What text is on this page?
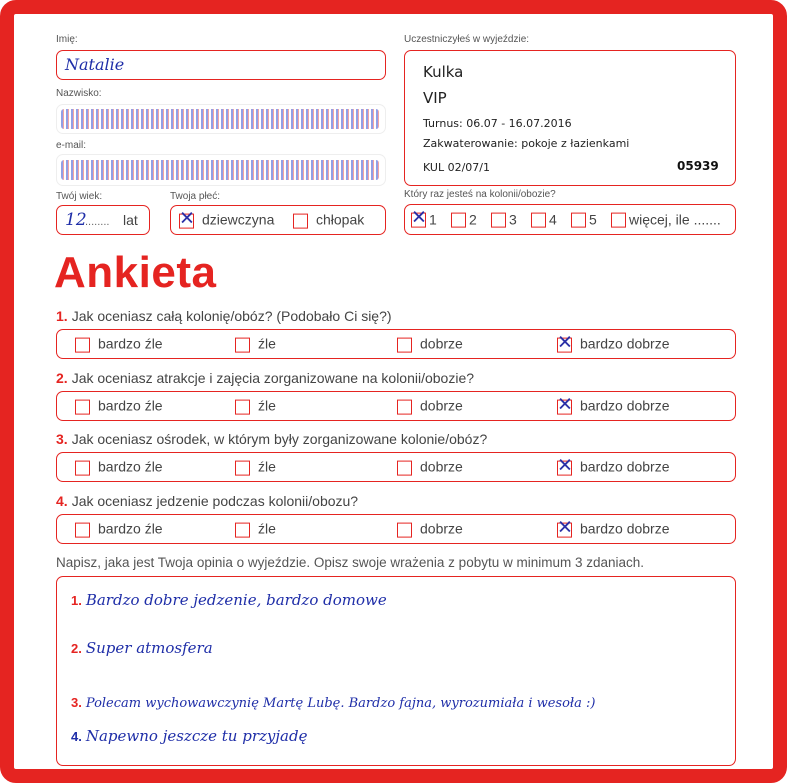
Imię:
Natalie
Nazwisko:
e-mail:
Twój wiek:
12
........ lat
Twoja płeć:
✕dziewczyna	chłopak
Uczestniczyłeś w wyjeździe:
Kulka
VIP
Turnus: 06.07 - 16.07.2016
Zakwaterowanie: pokoje z łazienkami
KUL 02/07/1	05939
Który raz jesteś na kolonii/obozie?
✕1	2	3	4	5	więcej, ile .......
Ankieta
1. Jak oceniasz całą kolonię/obóz? (Podobało Ci się?)
bardzo źle	źle	dobrze ✕	bardzo dobrze
2. Jak oceniasz atrakcje i zajęcia zorganizowane na kolonii/obozie?
bardzo źle	źle	dobrze ✕	bardzo dobrze
3. Jak oceniasz ośrodek, w którym były zorganizowane kolonie/obóz?
bardzo źle	źle	dobrze ✕	bardzo dobrze
4. Jak oceniasz jedzenie podczas kolonii/obozu?
bardzo źle	źle	dobrze ✕	bardzo dobrze
Napisz, jaka jest Twoja opinia o wyjeździe. Opisz swoje wrażenia z pobytu w minimum 3 zdaniach.
1. Bardzo dobre jedzenie, bardzo domowe
2. Super atmosfera
3. Polecam wychowawczynię Martę Lubę. Bardzo fajna, wyrozumiała i wesoła :)
4. Napewno jeszcze tu przyjadę
